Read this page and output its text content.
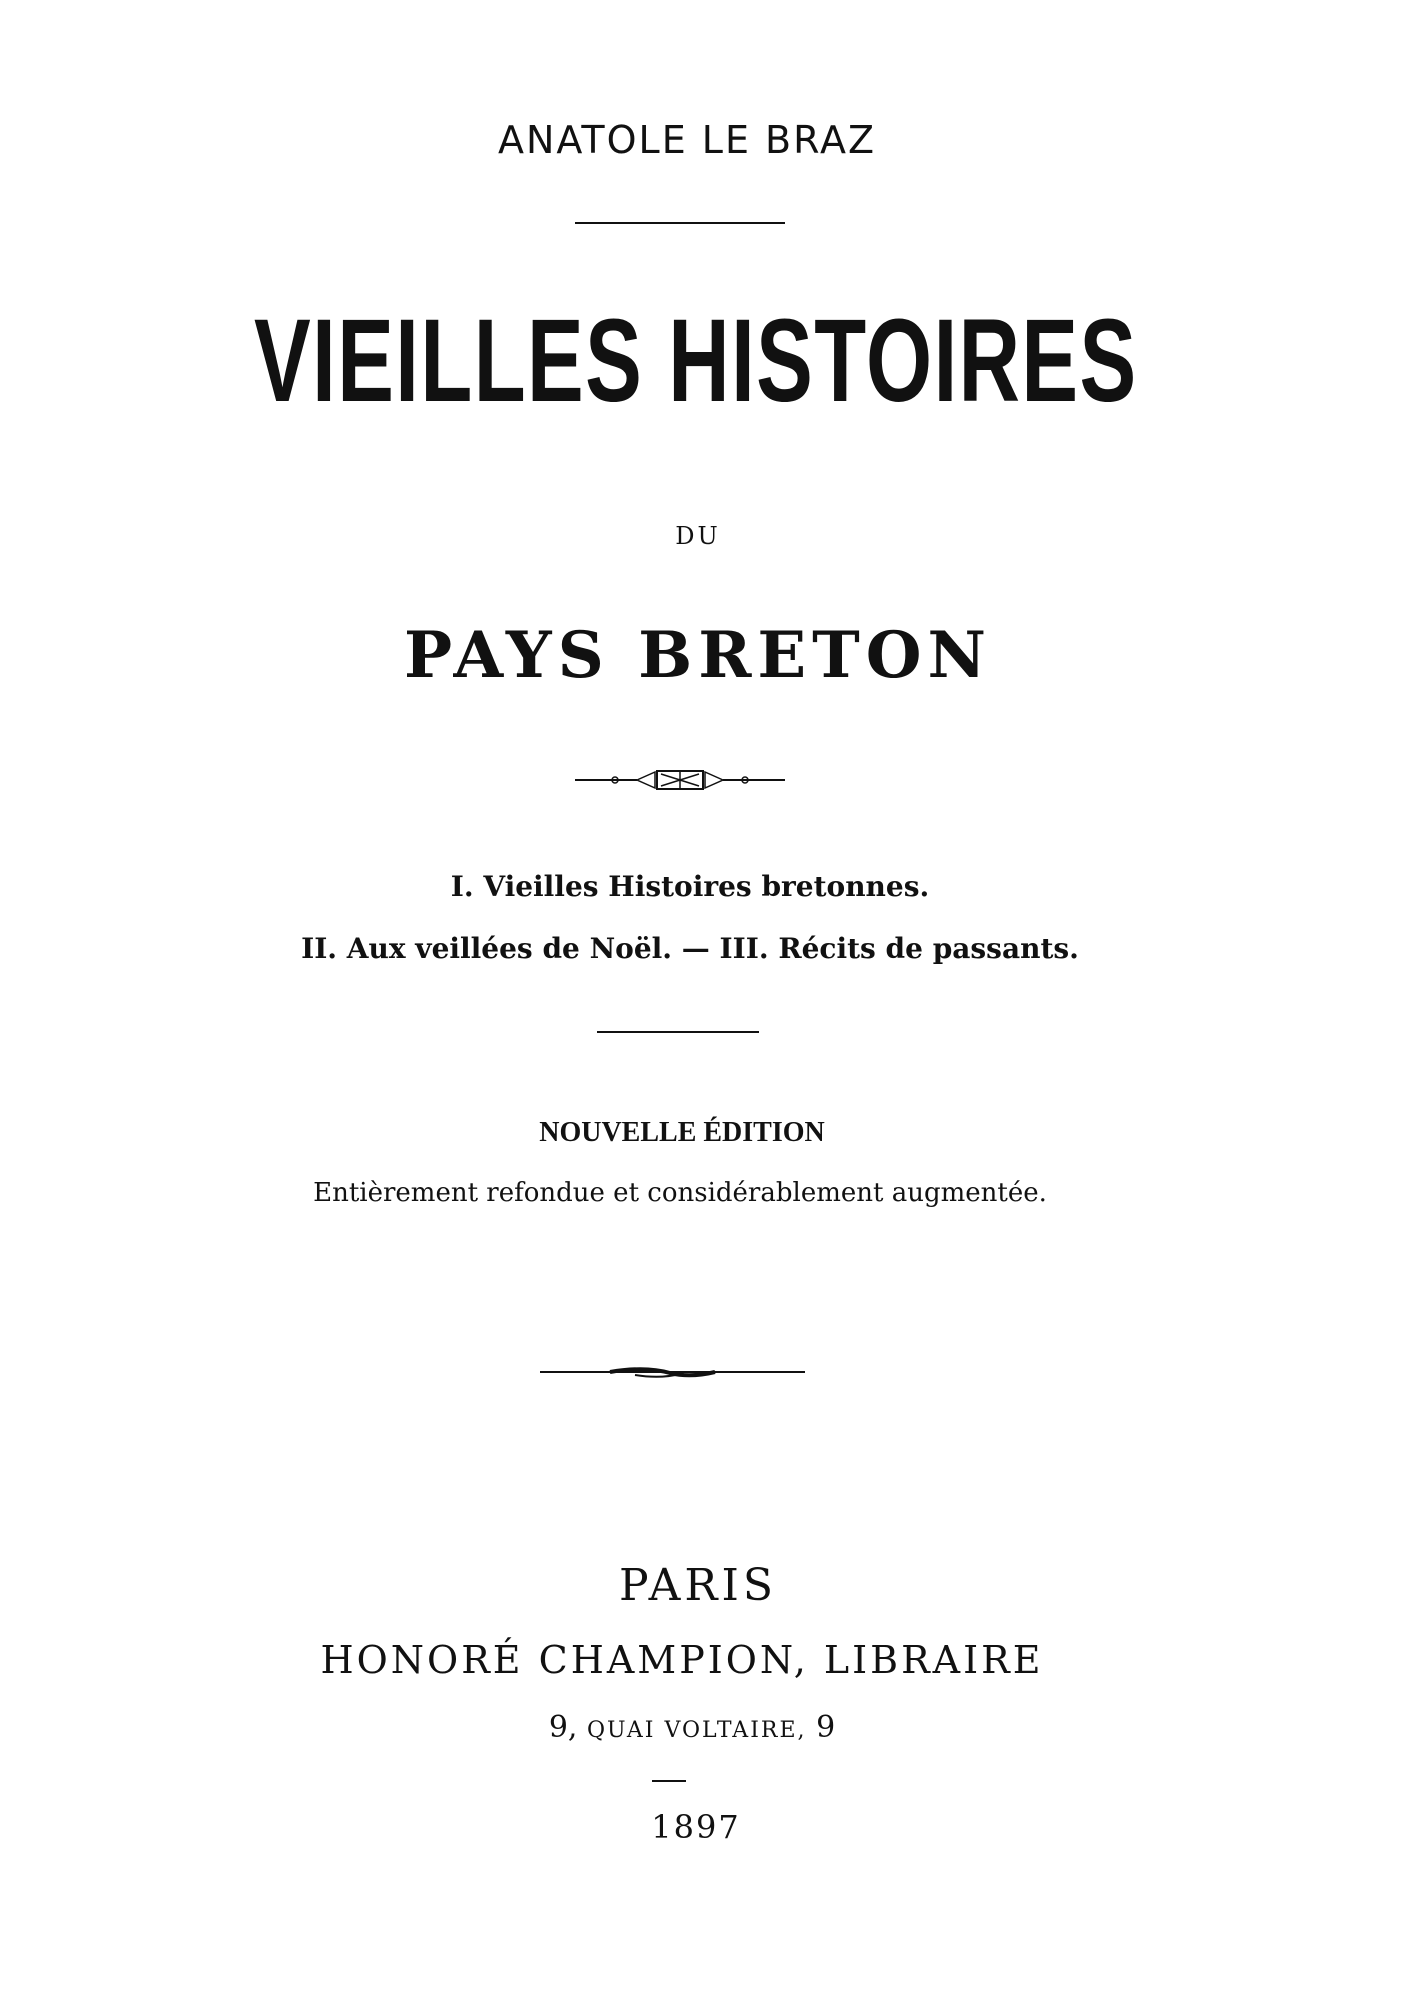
ANATOLE LE BRAZ
VIEILLES HISTOIRES
DU
PAYS BRETON
I. Vieilles Histoires bretonnes.
II. Aux veillées de Noël. — III. Récits de passants.
NOUVELLE ÉDITION
Entièrement refondue et considérablement augmentée.
PARIS
HONORÉ CHAMPION, LIBRAIRE
9, QUAI VOLTAIRE, 9
1897
